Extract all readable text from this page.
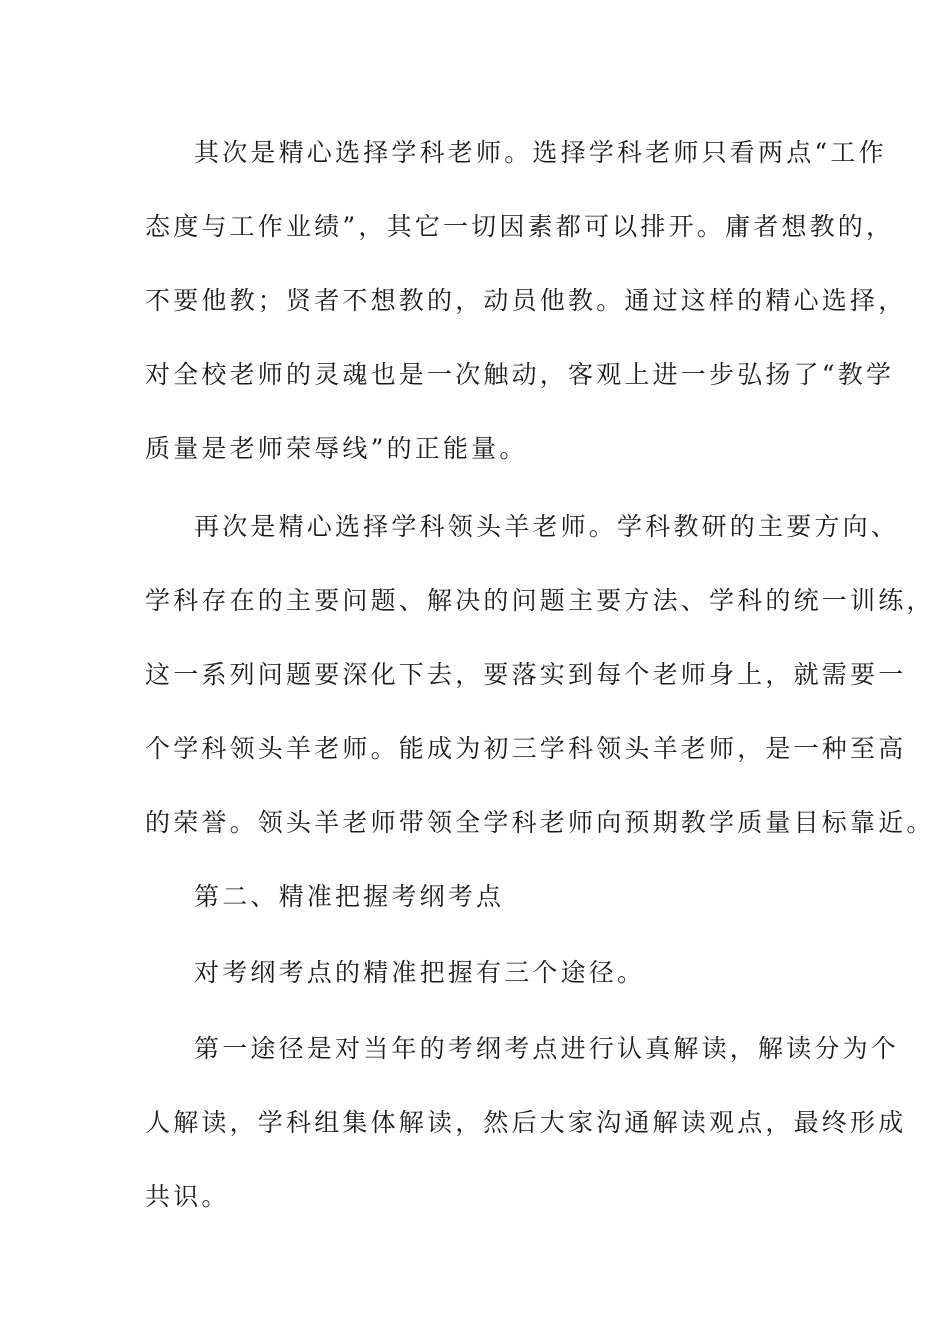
其次是精心选择学科老师。选择学科老师只看两点“工作
态度与工作业绩”，其它一切因素都可以排开。庸者想教的，
不要他教；贤者不想教的，动员他教。通过这样的精心选择，
对全校老师的灵魂也是一次触动，客观上进一步弘扬了“教学
质量是老师荣辱线”的正能量。
再次是精心选择学科领头羊老师。学科教研的主要方向、
学科存在的主要问题、解决的问题主要方法、学科的统一训练，
这一系列问题要深化下去，要落实到每个老师身上，就需要一
个学科领头羊老师。能成为初三学科领头羊老师，是一种至高
的荣誉。领头羊老师带领全学科老师向预期教学质量目标靠近。
第二、精准把握考纲考点
对考纲考点的精准把握有三个途径。
第一途径是对当年的考纲考点进行认真解读，解读分为个
人解读，学科组集体解读，然后大家沟通解读观点，最终形成
共识。
